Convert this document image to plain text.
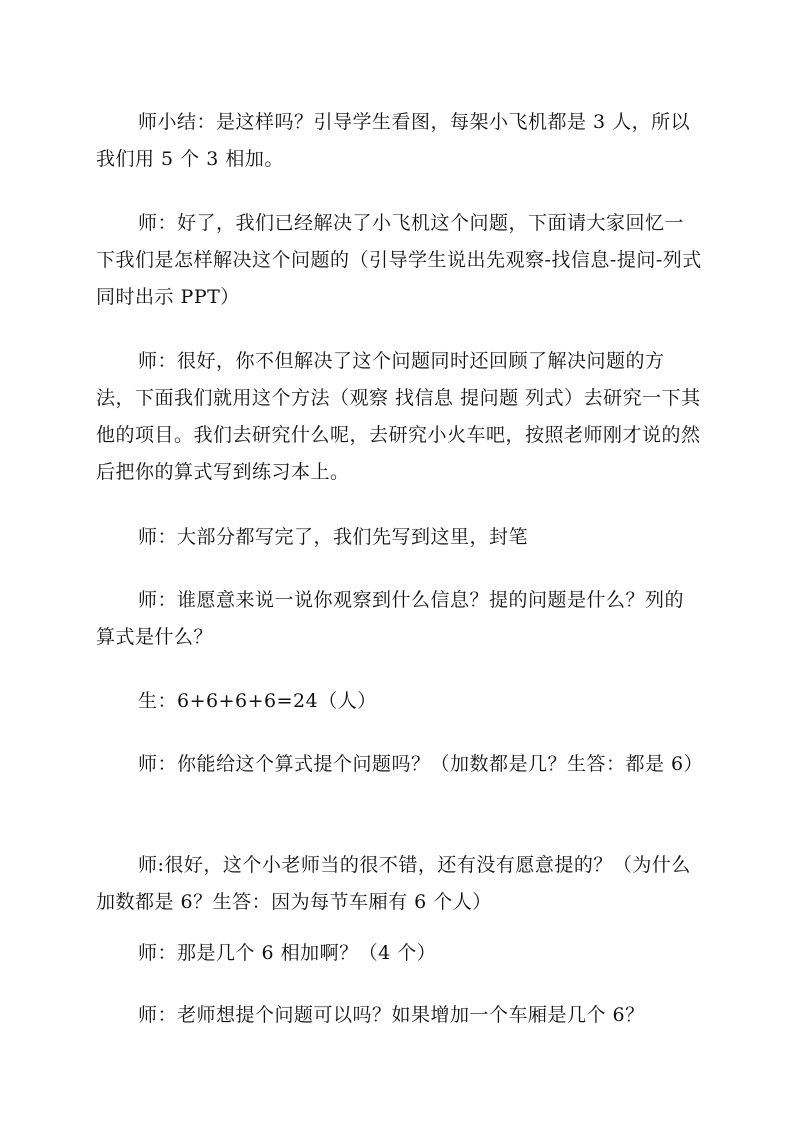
师小结：是这样吗？引导学生看图，每架小飞机都是 3 人，所以我们用 5 个 3 相加。

师：好了，我们已经解决了小飞机这个问题，下面请大家回忆一下我们是怎样解决这个问题的（引导学生说出先观察-找信息-提问-列式同时出示 PPT）

师：很好，你不但解决了这个问题同时还回顾了解决问题的方法，下面我们就用这个方法（观察 找信息 提问题 列式）去研究一下其他的项目。我们去研究什么呢，去研究小火车吧，按照老师刚才说的然后把你的算式写到练习本上。

师：大部分都写完了，我们先写到这里，封笔

师：谁愿意来说一说你观察到什么信息？提的问题是什么？列的算式是什么？

生：6+6+6+6=24（人）

师：你能给这个算式提个问题吗？（加数都是几？生答：都是 6）

师:很好，这个小老师当的很不错，还有没有愿意提的？（为什么加数都是 6？生答：因为每节车厢有 6 个人）

师：那是几个 6 相加啊？（4 个）

师：老师想提个问题可以吗？如果增加一个车厢是几个 6？
